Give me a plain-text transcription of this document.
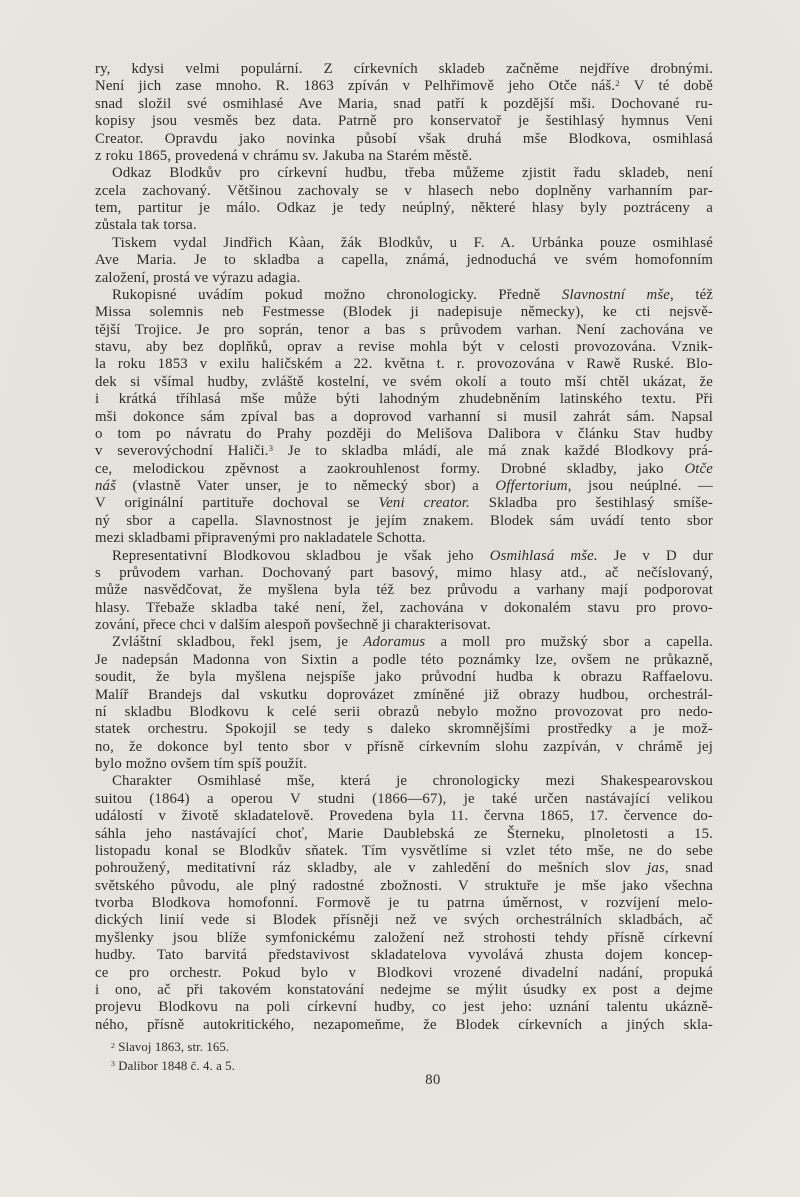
ry, kdysi velmi populární. Z církevních skladeb začněme nejdříve drobnými.
Není jich zase mnoho. R. 1863 zpíván v Pelhřimově jeho Otče náš.$^2$ V té době
snad složil své osmihlasé Ave Maria, snad patří k pozdější mši. Dochované ru-
kopisy jsou vesměs bez data. Patrně pro konservatoř je šestihlasý hymnus Veni
Creator. Opravdu jako novinka působí však druhá mše Blodkova, osmihlasá
z roku 1865, provedená v chrámu sv. Jakuba na Starém městě.
Odkaz Blodkův pro církevní hudbu, třeba můžeme zjistit řadu skladeb, není
zcela zachovaný. Většinou zachovaly se v hlasech nebo doplněny varhanním par-
tem, partitur je málo. Odkaz je tedy neúplný, některé hlasy byly poztráceny a
zůstala tak torsa.
Tiskem vydal Jindřich Kàan, žák Blodkův, u F. A. Urbánka pouze osmihlasé
Ave Maria. Je to skladba a capella, známá, jednoduchá ve svém homofonním
založení, prostá ve výrazu adagia.
Rukopisné uvádím pokud možno chronologicky. Předně Slavnostní mše, též
Missa solemnis neb Festmesse (Blodek ji nadepisuje německy), ke cti nejsvě-
tější Trojice. Je pro soprán, tenor a bas s průvodem varhan. Není zachována ve
stavu, aby bez doplňků, oprav a revise mohla být v celosti provozována. Vznik-
la roku 1853 v exilu haličském a 22. května t. r. provozována v Rawě Ruské. Blo-
dek si všímal hudby, zvláště kostelní, ve svém okolí a touto mší chtěl ukázat, že
i krátká tříhlasá mše může býti lahodným zhudebněním latinského textu. Při
mši dokonce sám zpíval bas a doprovod varhanní si musil zahrát sám. Napsal
o tom po návratu do Prahy později do Melišova Dalibora v článku Stav hudby
v severovýchodní Haliči.$^3$ Je to skladba mládí, ale má znak každé Blodkovy prá-
ce, melodickou zpěvnost a zaokrouhlenost formy. Drobné skladby, jako Otče
náš (vlastně Vater unser, je to německý sbor) a Offertorium, jsou neúplné. —
V originální partituře dochoval se Veni creator. Skladba pro šestihlasý smíše-
ný sbor a capella. Slavnostnost je jejím znakem. Blodek sám uvádí tento sbor
mezi skladbami připravenými pro nakladatele Schotta.
Representativní Blodkovou skladbou je však jeho Osmihlasá mše. Je v D dur
s průvodem varhan. Dochovaný part basový, mimo hlasy atd., ač nečíslovaný,
může nasvědčovat, že myšlena byla též bez průvodu a varhany mají podporovat
hlasy. Třebaže skladba také není, žel, zachována v dokonalém stavu pro provo-
zování, přece chci v dalším alespoň povšechně ji charakterisovat.
Zvláštní skladbou, řekl jsem, je Adoramus a moll pro mužský sbor a capella.
Je nadepsán Madonna von Sixtin a podle této poznámky lze, ovšem ne průkazně,
soudit, že byla myšlena nejspíše jako průvodní hudba k obrazu Raffaelovu.
Malíř Brandejs dal vskutku doprovázet zmíněné již obrazy hudbou, orchestrál-
ní skladbu Blodkovu k celé serii obrazů nebylo možno provozovat pro nedo-
statek orchestru. Spokojil se tedy s daleko skromnějšími prostředky a je mož-
no, že dokonce byl tento sbor v přísně církevním slohu zazpíván, v chrámě jej
bylo možno ovšem tím spíš použít.
Charakter Osmihlasé mše, která je chronologicky mezi Shakespearovskou
suitou (1864) a operou V studni (1866—67), je také určen nastávající velikou
událostí v životě skladatelově. Provedena byla 11. června 1865, 17. července do-
sáhla jeho nastávající choť, Marie Daublebská ze Šterneku, plnoletosti a 15.
listopadu konal se Blodkův sňatek. Tím vysvětlíme si vzlet této mše, ne do sebe
pohroužený, meditativní ráz skladby, ale v zahledění do mešních slov jas, snad
světského původu, ale plný radostné zbožnosti. V struktuře je mše jako všechna
tvorba Blodkova homofonní. Formově je tu patrna úměrnost, v rozvíjení melo-
dických linií vede si Blodek přísněji než ve svých orchestrálních skladbách, ač
myšlenky jsou blíže symfonickému založení než strohosti tehdy přísně církevní
hudby. Tato barvitá představivost skladatelova vyvolává zhusta dojem koncep-
ce pro orchestr. Pokud bylo v Blodkovi vrozené divadelní nadání, propuká
i ono, ač při takovém konstatování nedejme se mýlit úsudky ex post a dejme
projevu Blodkovu na poli církevní hudby, co jest jeho: uznání talentu ukázně-
ného, přísně autokritického, nezapomeňme, že Blodek církevních a jiných skla-
$^2$ Slavoj 1863, str. 165.
$^3$ Dalibor 1848 č. 4. a 5.
80
